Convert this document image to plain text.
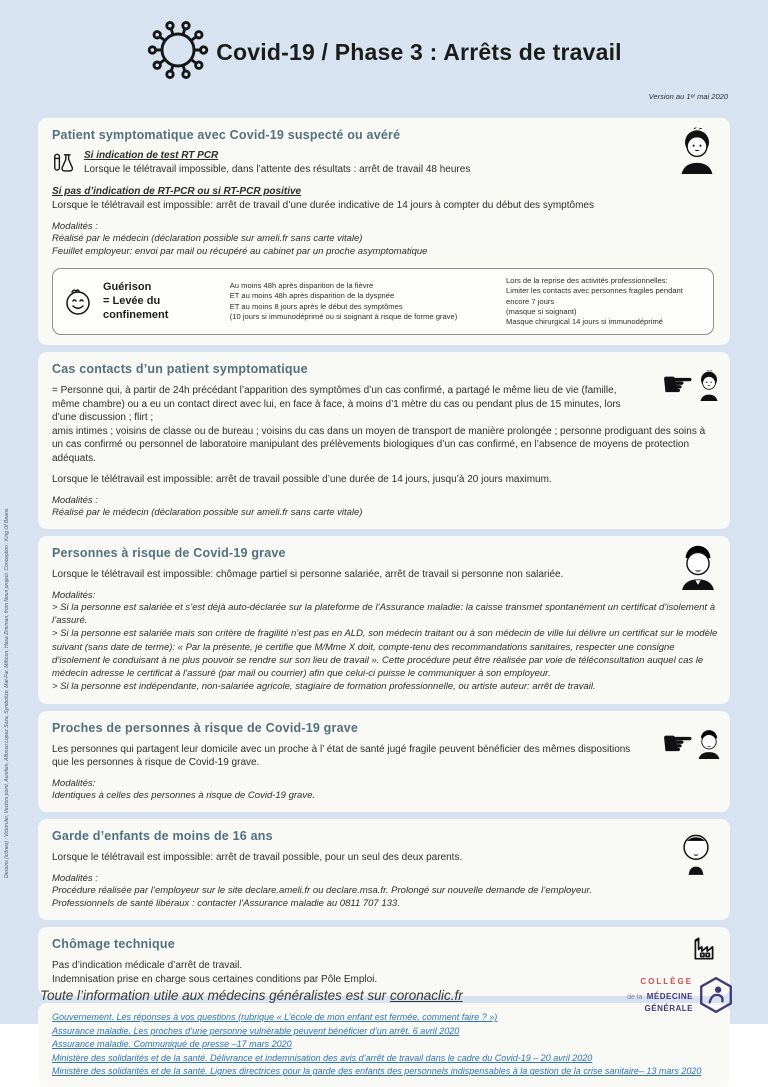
Dessins (icônes) : Victoruler, Vectors point, Aurelien, Alfonso Lopez Soza, Symbolize, Mat-Far, Mikicon, Hasa Zimiman, from Noun project. Conception : King Of Beans.
Covid-19 / Phase 3 : Arrêts de travail
Version au 1ᵉʳ mai 2020
Patient symptomatique avec Covid-19 suspecté ou avéré
Si indication de test RT PCR
Lorsque le télétravail impossible, dans l’attente des résultats : arrêt de travail 48 heures
Si pas d’indication de RT-PCR ou si RT-PCR positive
Lorsque le télétravail est impossible: arrêt de travail d’une durée indicative de 14 jours à compter du début des symptômes
Modalités :
Réalisé par le médecin (déclaration possible sur ameli.fr sans carte vitale)
Feuillet employeur: envoi par mail ou récupéré au cabinet par un proche asymptomatique
Guérison
= Levée du confinement
Au moins 48h après disparition de la fièvre
ET au moins 48h après disparition de la dyspnée
ET au moins 8 jours après le début des symptômes
(10 jours si immunodéprimé ou si soignant à risque de forme grave)
Lors de la reprise des activités professionnelles:
Limiter les contacts avec personnes fragiles pendant encore 7 jours
(masque si soignant)
Masque chirurgical 14 jours si immunodéprimé
☛
Cas contacts d’un patient symptomatique
= Personne qui, à partir de 24h précédant l’apparition des symptômes d’un cas confirmé, a partagé le même lieu de vie (famille, même chambre) ou a eu un contact direct avec lui, en face à face, à moins d’1 mètre du cas ou pendant plus de 15 minutes, lors d’une discussion ; flirt ;
amis intimes ; voisins de classe ou de bureau ; voisins du cas dans un moyen de transport de manière prolongée ; personne prodiguant des soins à un cas confirmé ou personnel de laboratoire manipulant des prélèvements biologiques d’un cas confirmé, en l’absence de moyens de protection adéquats.
Lorsque le télétravail est impossible: arrêt de travail possible d’une durée de 14 jours, jusqu’à 20 jours maximum.
Modalités :
Réalisé par le médecin (déclaration possible sur ameli.fr sans carte vitale)
Personnes à risque de Covid-19 grave
Lorsque le télétravail est impossible: chômage partiel si personne salariée, arrêt de travail si personne non salariée.
Modalités:
> Si la personne est salariée et s’est déjà auto-déclarée sur la plateforme de l’Assurance maladie: la caisse transmet spontanément un certificat d’isolement à l’assuré.
> Si la personne est salariée mais son critère de fragilité n’est pas en ALD, son médecin traitant ou à son médecin de ville lui délivre un certificat sur le modèle suivant (sans date de terme): « Par la présente, je certifie que M/Mme X doit, compte-tenu des recommandations sanitaires, respecter une consigne d’isolement le conduisant à ne plus pouvoir se rendre sur son lieu de travail ». Cette procédure peut être réalisée par voie de téléconsultation auquel cas le médecin adresse le certificat à l’assuré (par mail ou courrier) afin que celui-ci puisse le communiquer à son employeur.
> Si la personne est indépendante, non-salariée agricole, stagiaire de formation professionnelle, ou artiste auteur: arrêt de travail.
☛
Proches de personnes à risque de Covid-19 grave
Les personnes qui partagent leur domicile avec un proche à l’ état de santé jugé fragile peuvent bénéficier des mêmes dispositions que les personnes à risque de Covid-19 grave.
Modalités:
Identiques à celles des personnes à risque de Covid-19 grave.
Garde d’enfants de moins de 16 ans
Lorsque le télétravail est impossible: arrêt de travail possible, pour un seul des deux parents.
Modalités :
Procédure réalisée par l’employeur sur le site declare.ameli.fr ou declare.msa.fr. Prolongé sur nouvelle demande de l’employeur.
Professionnels de santé libéraux : contacter l’Assurance maladie au 0811 707 133.
Chômage technique
Pas d’indication médicale d’arrêt de travail.
Indemnisation prise en charge sous certaines conditions par Pôle Emploi.
Gouvernement. Les réponses à vos questions (rubrique « L’école de mon enfant est fermée, comment faire ? »)
Assurance maladie. Les proches d’une personne vulnérable peuvent bénéficier d’un arrêt. 6 avril 2020
Assurance maladie. Communiqué de presse –17 mars 2020
Ministère des solidarités et de la santé. Délivrance et indemnisation des avis d’arrêt de travail dans le cadre du Covid-19 – 20 avril 2020
Ministère des solidarités et de la santé. Lignes directrices pour la garde des enfants des personnels indispensables à la gestion de la crise sanitaire– 13 mars 2020
Toute l’information utile aux médecins généralistes est sur coronaclic.fr
COLLÈGE
de la MÉDECINE
GÉNÉRALE
